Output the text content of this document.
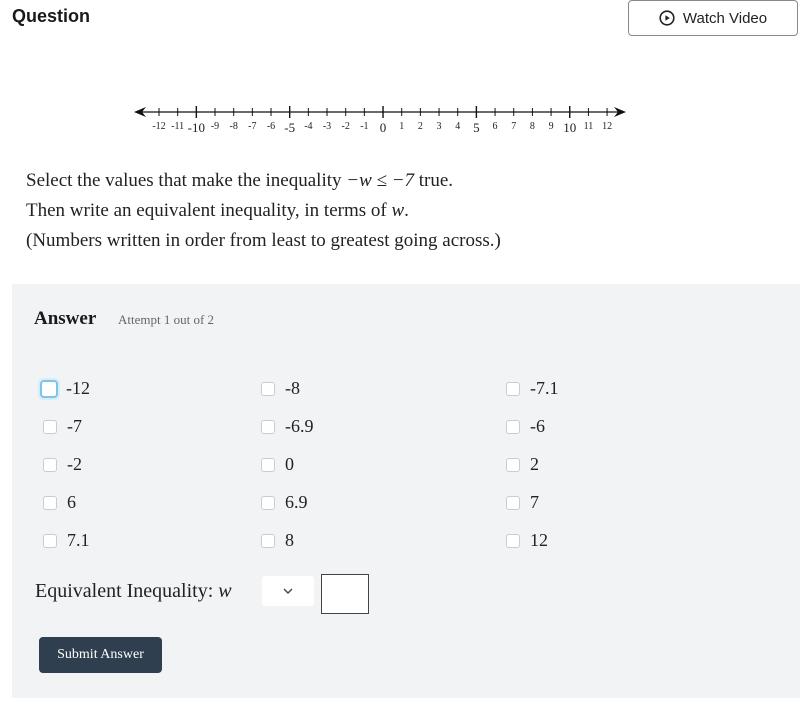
Question	Watch Video
-12 -11 -10 -9 -8 -7 -6 -5 -4 -3 -2 -1 0 1 2 3 4 5 6 7 8 9 10 11 12
Select the values that make the inequality −w ≤ −7 true.
Then write an equivalent inequality, in terms of w.
(Numbers written in order from least to greatest going across.)
Answer Attempt 1 out of 2
-12	-8	-7.1
-7	-6.9	-6
-2	0	2
6	6.9	7
7.1	8	12
Equivalent Inequality: w
Submit Answer
